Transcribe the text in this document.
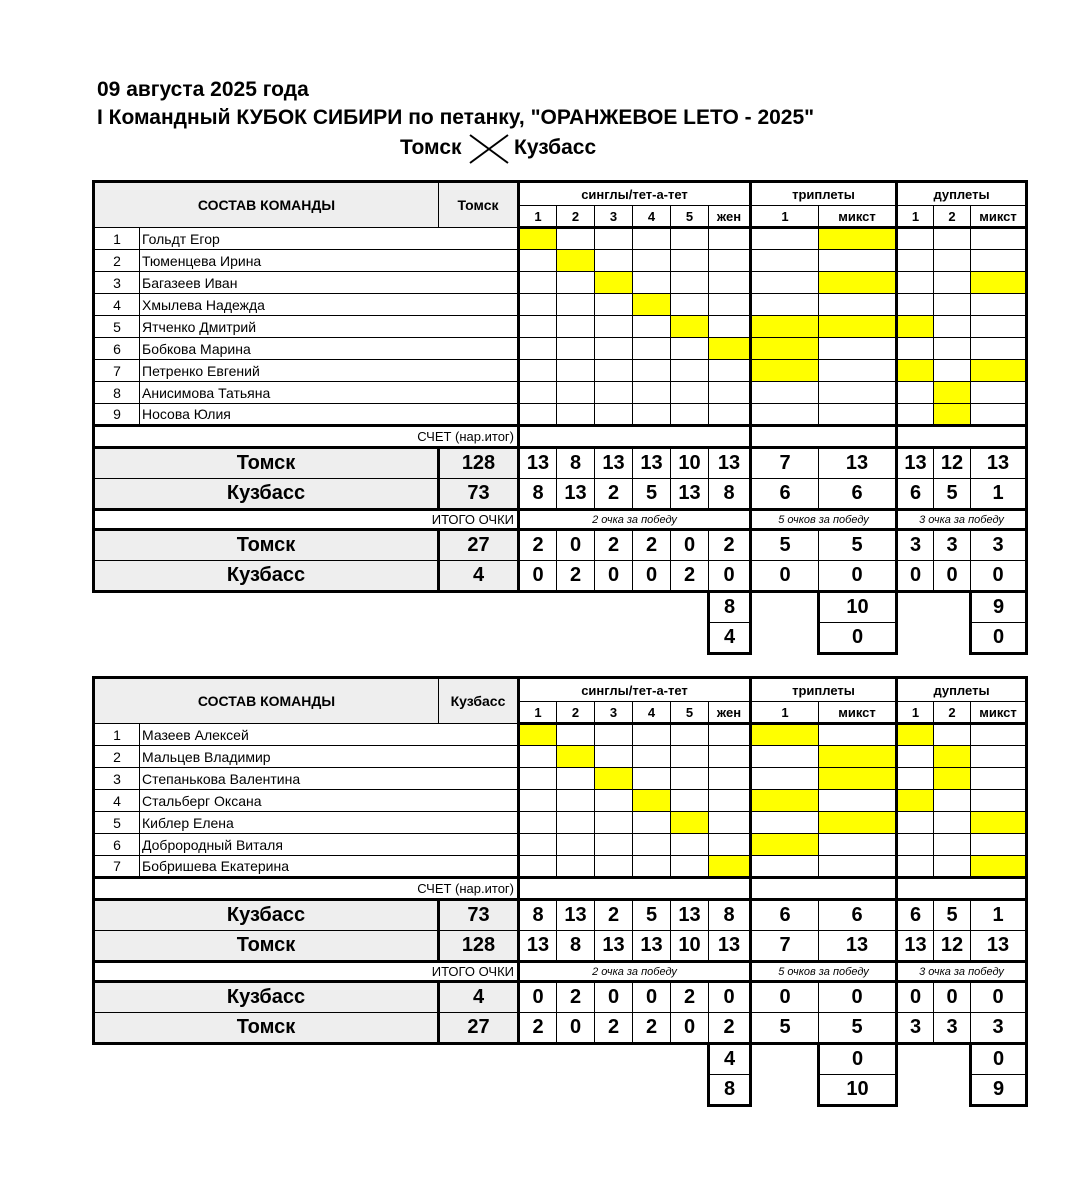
09 августа 2025 года
I Командный КУБОК СИБИРИ по петанку, "ОРАНЖЕВОЕ LETO - 2025"
Томск Кузбасс
СОСТАВ КОМАНДЫ		Томск	синглы/тет-а-тет						триплеты		дуплеты		
			1	2	3	4	5	жен	1	микст	1	2	микст
1	Гольдт Егор												
2	Тюменцева Ирина												
3	Багазеев Иван												
4	Хмылева Надежда												
5	Ятченко Дмитрий												
6	Бобкова Марина												
7	Петренко Евгений												
8	Анисимова Татьяна												
9	Носова Юлия												
СЧЕТ (нар.итог)													
Томск		128	13	8	13	13	10	13	7	13	13	12	13
Кузбасс		73	8	13	2	5	13	8	6	6	6	5	1
ИТОГО ОЧКИ			2 очка за победу						5 очков за победу		3 очка за победу		
Томск		27	2	0	2	2	0	2	5	5	3	3	3
Кузбасс		4	0	2	0	0	2	0	0	0	0	0	0
								8		10			9
								4		0			0
СОСТАВ КОМАНДЫ		Кузбасс	синглы/тет-а-тет						триплеты		дуплеты		
			1	2	3	4	5	жен	1	микст	1	2	микст
1	Мазеев Алексей												
2	Мальцев Владимир												
3	Степанькова Валентина												
4	Стальберг Оксана												
5	Киблер Елена												
6	Доброродный Виталя												
7	Бобришева Екатерина												
СЧЕТ (нар.итог)													
Кузбасс		73	8	13	2	5	13	8	6	6	6	5	1
Томск		128	13	8	13	13	10	13	7	13	13	12	13
ИТОГО ОЧКИ			2 очка за победу						5 очков за победу		3 очка за победу		
Кузбасс		4	0	2	0	0	2	0	0	0	0	0	0
Томск		27	2	0	2	2	0	2	5	5	3	3	3
								4		0			0
								8		10			9
